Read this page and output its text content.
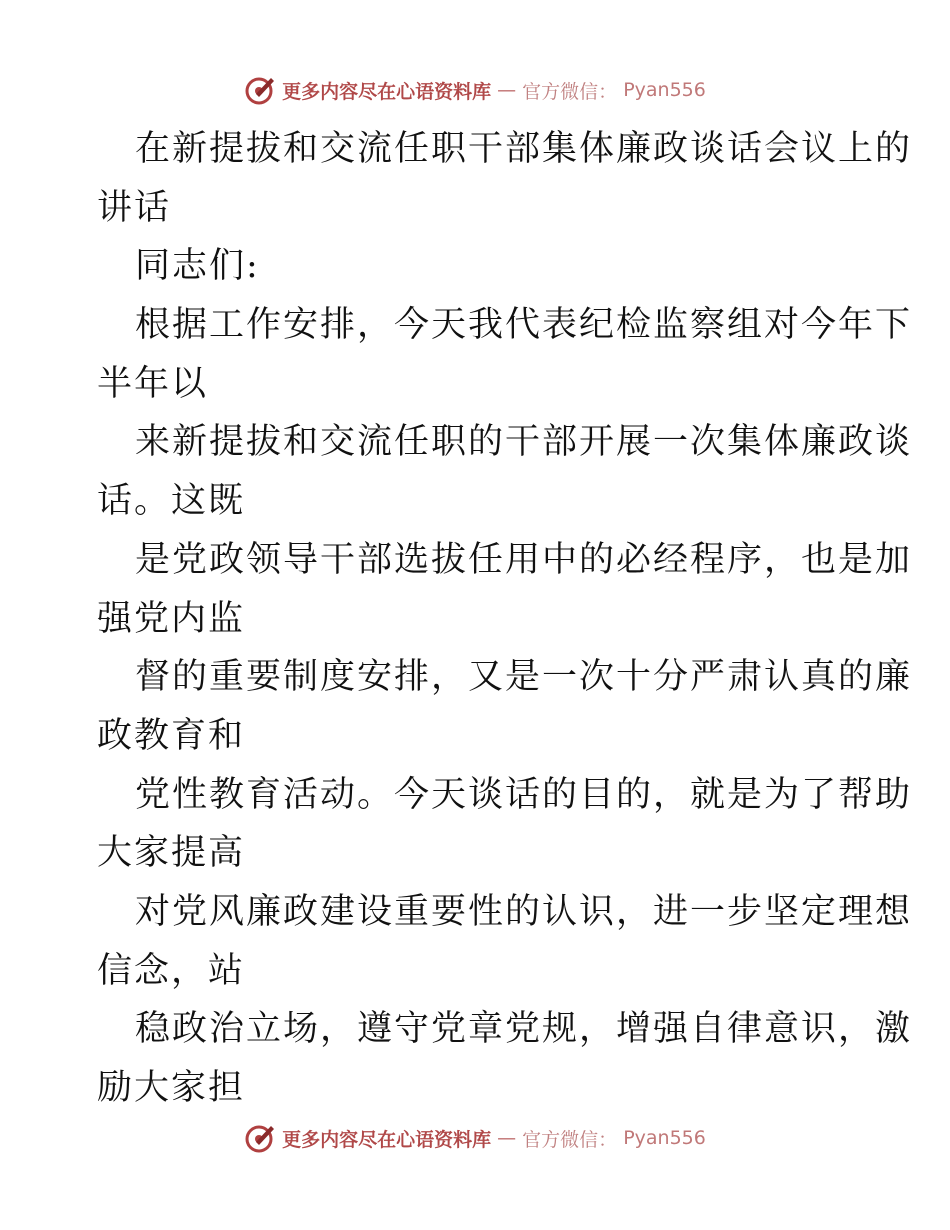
更多内容尽在心语资料库 — 官方微信： Pyan556
在新提拔和交流任职干部集体廉政谈话会议上的
讲话
同志们:
根据工作安排，今天我代表纪检监察组对今年下
半年以
来新提拔和交流任职的干部开展一次集体廉政谈
话。这既
是党政领导干部选拔任用中的必经程序，也是加
强党内监
督的重要制度安排，又是一次十分严肃认真的廉
政教育和
党性教育活动。今天谈话的目的，就是为了帮助
大家提高
对党风廉政建设重要性的认识，进一步坚定理想
信念，站
稳政治立场，遵守党章党规，增强自律意识，激
励大家担
更多内容尽在心语资料库 — 官方微信： Pyan556
